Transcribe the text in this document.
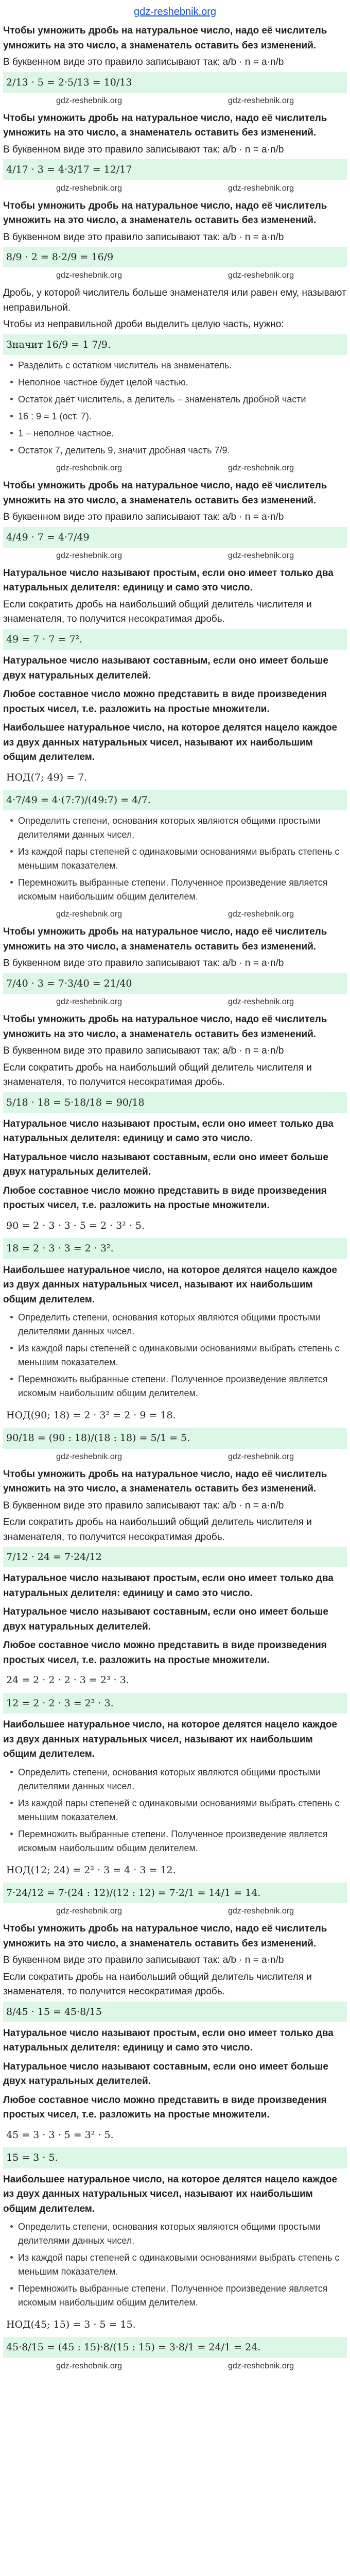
gdz-reshebnik.org
Чтобы умножить дробь на натуральное число, надо её числитель умножить на это число, а знаменатель оставить без изменений.
В буквенном виде это правило записывают так: a/b · n = a·n/b
2/13 · 5 = 2·5/13 = 10/13
gdz-reshebnik.org	gdz-reshebnik.org
Чтобы умножить дробь на натуральное число, надо её числитель умножить на это число, а знаменатель оставить без изменений.
В буквенном виде это правило записывают так: a/b · n = a·n/b
4/17 · 3 = 4·3/17 = 12/17
gdz-reshebnik.org	gdz-reshebnik.org
Чтобы умножить дробь на натуральное число, надо её числитель умножить на это число, а знаменатель оставить без изменений.
В буквенном виде это правило записывают так: a/b · n = a·n/b
8/9 · 2 = 8·2/9 = 16/9
gdz-reshebnik.org	gdz-reshebnik.org
Дробь, у которой числитель больше знаменателя или равен ему, называют неправильной.
Чтобы из неправильной дроби выделить целую часть, нужно:
Значит 16/9 = 1 7/9.
Разделить с остатком числитель на знаменатель.
Неполное частное будет целой частью.
Остаток даёт числитель, а делитель – знаменатель дробной части
16 : 9 = 1 (ост. 7).
1 – неполное частное.
Остаток 7, делитель 9, значит дробная часть 7/9.
gdz-reshebnik.org	gdz-reshebnik.org
Чтобы умножить дробь на натуральное число, надо её числитель умножить на это число, а знаменатель оставить без изменений.
В буквенном виде это правило записывают так: a/b · n = a·n/b
4/49 · 7 = 4·7/49
gdz-reshebnik.org	gdz-reshebnik.org
Натуральное число называют простым, если оно имеет только два натуральных делителя: единицу и само это число.
Если сократить дробь на наибольший общий делитель числителя и знаменателя, то получится несократимая дробь.
49 = 7 · 7 = 7².
Натуральное число называют составным, если оно имеет больше двух натуральных делителей.
Любое составное число можно представить в виде произведения простых чисел, т.е. разложить на простые множители.
Наибольшее натуральное число, на которое делятся нацело каждое из двух данных натуральных чисел, называют их наибольшим общим делителем.
НОД(7; 49) = 7.
4·7/49 = 4·(7:7)/(49:7) = 4/7.
Определить степени, основания которых являются общими простыми делителями данных чисел.
Из каждой пары степеней с одинаковыми основаниями выбрать степень с меньшим показателем.
Перемножить выбранные степени. Полученное произведение является искомым наибольшим общим делителем.
gdz-reshebnik.org	gdz-reshebnik.org
Чтобы умножить дробь на натуральное число, надо её числитель умножить на это число, а знаменатель оставить без изменений.
В буквенном виде это правило записывают так: a/b · n = a·n/b
7/40 · 3 = 7·3/40 = 21/40
gdz-reshebnik.org	gdz-reshebnik.org
Чтобы умножить дробь на натуральное число, надо её числитель умножить на это число, а знаменатель оставить без изменений.
В буквенном виде это правило записывают так: a/b · n = a·n/b
Если сократить дробь на наибольший общий делитель числителя и знаменателя, то получится несократимая дробь.
5/18 · 18 = 5·18/18 = 90/18
Натуральное число называют простым, если оно имеет только два натуральных делителя: единицу и само это число.
Натуральное число называют составным, если оно имеет больше двух натуральных делителей.
Любое составное число можно представить в виде произведения простых чисел, т.е. разложить на простые множители.
90 = 2 · 3 · 3 · 5 = 2 · 3² · 5.
18 = 2 · 3 · 3 = 2 · 3².
Наибольшее натуральное число, на которое делятся нацело каждое из двух данных натуральных чисел, называют их наибольшим общим делителем.
Определить степени, основания которых являются общими простыми делителями данных чисел.
Из каждой пары степеней с одинаковыми основаниями выбрать степень с меньшим показателем.
Перемножить выбранные степени. Полученное произведение является искомым наибольшим общим делителем.
НОД(90; 18) = 2 · 3² = 2 · 9 = 18.
90/18 = (90 : 18)/(18 : 18) = 5/1 = 5.
gdz-reshebnik.org	gdz-reshebnik.org
Чтобы умножить дробь на натуральное число, надо её числитель умножить на это число, а знаменатель оставить без изменений.
В буквенном виде это правило записывают так: a/b · n = a·n/b
Если сократить дробь на наибольший общий делитель числителя и знаменателя, то получится несократимая дробь.
7/12 · 24 = 7·24/12
Натуральное число называют простым, если оно имеет только два натуральных делителя: единицу и само это число.
Натуральное число называют составным, если оно имеет больше двух натуральных делителей.
Любое составное число можно представить в виде произведения простых чисел, т.е. разложить на простые множители.
24 = 2 · 2 · 2 · 3 = 2³ · 3.
12 = 2 · 2 · 3 = 2² · 3.
Наибольшее натуральное число, на которое делятся нацело каждое из двух данных натуральных чисел, называют их наибольшим общим делителем.
Определить степени, основания которых являются общими простыми делителями данных чисел.
Из каждой пары степеней с одинаковыми основаниями выбрать степень с меньшим показателем.
Перемножить выбранные степени. Полученное произведение является искомым наибольшим общим делителем.
НОД(12; 24) = 2² · 3 = 4 · 3 = 12.
7·24/12 = 7·(24 : 12)/(12 : 12) = 7·2/1 = 14/1 = 14.
gdz-reshebnik.org	gdz-reshebnik.org
Чтобы умножить дробь на натуральное число, надо её числитель умножить на это число, а знаменатель оставить без изменений.
В буквенном виде это правило записывают так: a/b · n = a·n/b
Если сократить дробь на наибольший общий делитель числителя и знаменателя, то получится несократимая дробь.
8/45 · 15 = 45·8/15
Натуральное число называют простым, если оно имеет только два натуральных делителя: единицу и само это число.
Натуральное число называют составным, если оно имеет больше двух натуральных делителей.
Любое составное число можно представить в виде произведения простых чисел, т.е. разложить на простые множители.
45 = 3 · 3 · 5 = 3² · 5.
15 = 3 · 5.
Наибольшее натуральное число, на которое делятся нацело каждое из двух данных натуральных чисел, называют их наибольшим общим делителем.
Определить степени, основания которых являются общими простыми делителями данных чисел.
Из каждой пары степеней с одинаковыми основаниями выбрать степень с меньшим показателем.
Перемножить выбранные степени. Полученное произведение является искомым наибольшим общим делителем.
НОД(45; 15) = 3 · 5 = 15.
45·8/15 = (45 : 15)·8/(15 : 15) = 3·8/1 = 24/1 = 24.
gdz-reshebnik.org	gdz-reshebnik.org
